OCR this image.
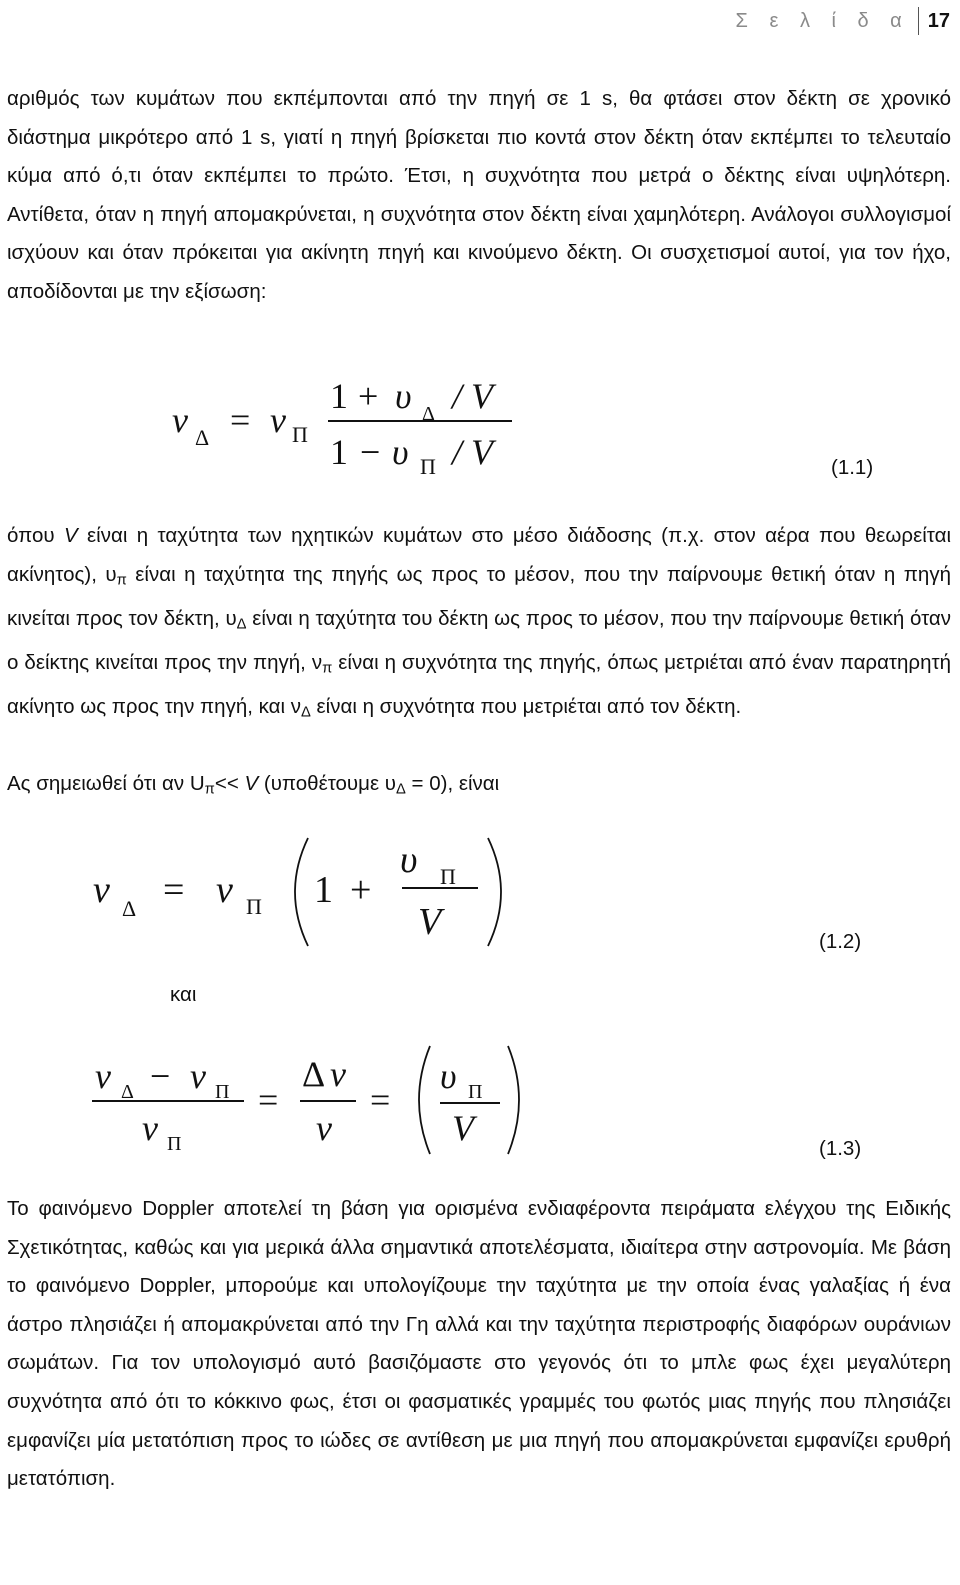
Σ ε λ ί δ α 17

αριθμός των κυμάτων που εκπέμπονται από την πηγή σε 1 s, θα φτάσει στον δέκτη σε χρονικό διάστημα μικρότερο από 1 s, γιατί η πηγή βρίσκεται πιο κοντά στον δέκτη όταν εκπέμπει το τελευταίο κύμα από ό,τι όταν εκπέμπει το πρώτο. Έτσι, η συχνότητα που μετρά ο δέκτης είναι υψηλότερη. Αντίθετα, όταν η πηγή απομακρύνεται, η συχνότητα στον δέκτη είναι χαμηλότερη. Ανάλογοι συλλογισμοί ισχύουν και όταν πρόκειται για ακίνητη πηγή και κινούμενο δέκτη. Οι συσχετισμοί αυτοί, για τον ήχο, αποδίδονται με την εξίσωση:

ν Δ = ν Π
1 + υ Δ / V
1 − υ Π / V	(1.1)

όπου V είναι η ταχύτητα των ηχητικών κυμάτων στο μέσο διάδοσης (π.χ. στον αέρα που θεωρείται ακίνητος), $\upsilon_\pi$ είναι η ταχύτητα της πηγής ως προς το μέσον, που την παίρνουμε θετική όταν η πηγή κινείται προς τον δέκτη, $\upsilon_\Delta$ είναι η ταχύτητα του δέκτη ως προς το μέσον, που την παίρνουμε θετική όταν ο δείκτης κινείται προς την πηγή, $\nu_\pi$ είναι η συχνότητα της πηγής, όπως μετριέται από έναν παρατηρητή ακίνητο ως προς την πηγή, και $\nu_\Delta$ είναι η συχνότητα που μετριέται από τον δέκτη.

Ας σημειωθεί ότι αν $U_\pi<< V$ (υποθέτουμε $\upsilon_\Delta = 0$), είναι

ν Δ = ν Π 1 +
υ Π
V	(1.2)

και

ν Δ − ν Π
ν Π
=
Δ ν
ν
=
υ Π
V
(1.3)

Το φαινόμενο Doppler αποτελεί τη βάση για ορισμένα ενδιαφέροντα πειράματα ελέγχου της Ειδικής Σχετικότητας, καθώς και για μερικά άλλα σημαντικά αποτελέσματα, ιδιαίτερα στην αστρονομία. Με βάση το φαινόμενο Doppler, μπορούμε και υπολογίζουμε την ταχύτητα με την οποία ένας γαλαξίας ή ένα άστρο πλησιάζει ή απομακρύνεται από την Γη αλλά και την ταχύτητα περιστροφής διαφόρων ουράνιων σωμάτων. Για τον υπολογισμό αυτό βασιζόμαστε στο γεγονός ότι το μπλε φως έχει μεγαλύτερη συχνότητα από ότι το κόκκινο φως, έτσι οι φασματικές γραμμές του φωτός μιας πηγής που πλησιάζει εμφανίζει μία μετατόπιση προς το ιώδες σε αντίθεση με μια πηγή που απομακρύνεται εμφανίζει ερυθρή μετατόπιση.
